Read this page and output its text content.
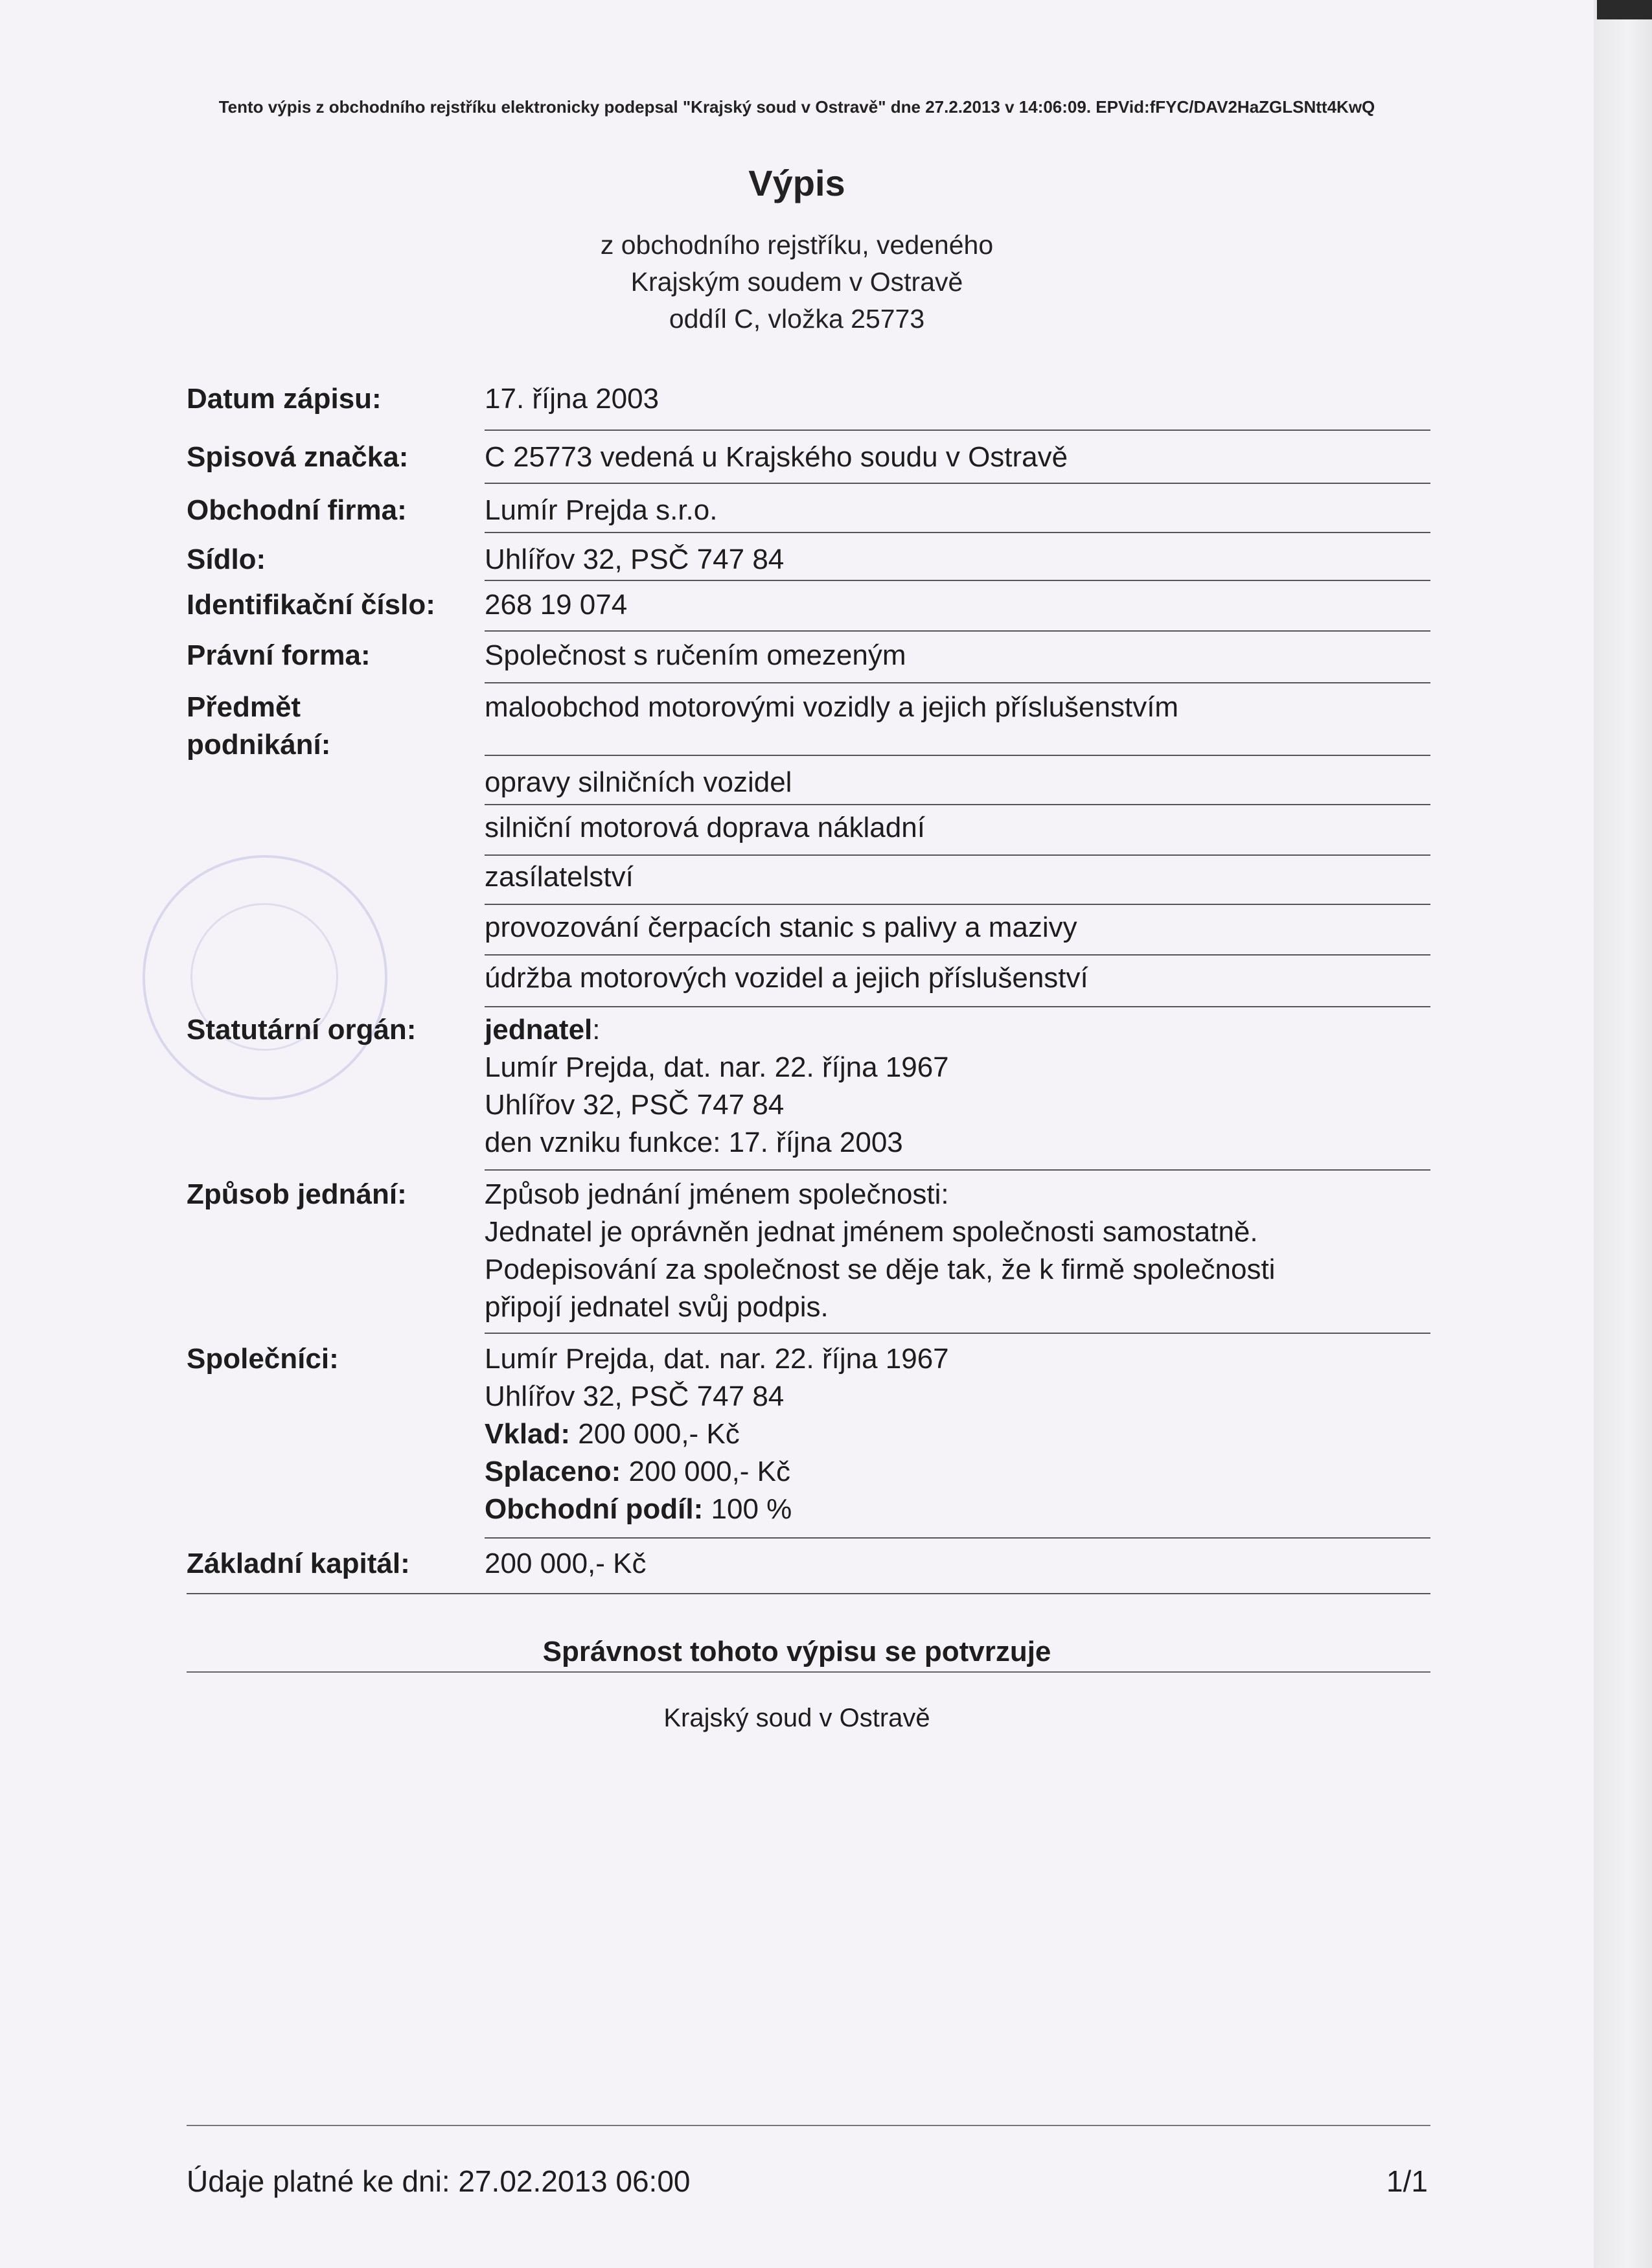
Tento výpis z obchodního rejstříku elektronicky podepsal "Krajský soud v Ostravě" dne 27.2.2013 v 14:06:09. EPVid:fFYC/DAV2HaZGLSNtt4KwQ
Výpis
z obchodního rejstříku, vedeného
Krajským soudem v Ostravě
oddíl C, vložka 25773
Datum zápisu:	17. října 2003
Spisová značka:	C 25773 vedená u Krajského soudu v Ostravě
Obchodní firma:	Lumír Prejda s.r.o.
Sídlo:	Uhlířov 32, PSČ 747 84
Identifikační číslo:	268 19 074
Právní forma:	Společnost s ručením omezeným
Předmět
podnikání:
maloobchod motorovými vozidly a jejich příslušenstvím
opravy silničních vozidel
silniční motorová doprava nákladní
zasílatelství
provozování čerpacích stanic s palivy a mazivy
údržba motorových vozidel a jejich příslušenství
Statutární orgán:	jednatel:
Lumír Prejda, dat. nar. 22. října 1967
Uhlířov 32, PSČ 747 84
den vzniku funkce: 17. října 2003
Způsob jednání:	Způsob jednání jménem společnosti:
Jednatel je oprávněn jednat jménem společnosti samostatně.
Podepisování za společnost se děje tak, že k firmě společnosti
připojí jednatel svůj podpis.
Společníci:	Lumír Prejda, dat. nar. 22. října 1967
Uhlířov 32, PSČ 747 84
Vklad: 200 000,- Kč
Splaceno: 200 000,- Kč
Obchodní podíl: 100 %
Základní kapitál:	200 000,- Kč
Správnost tohoto výpisu se potvrzuje
Krajský soud v Ostravě
Údaje platné ke dni: 27.02.2013 06:00	1/1
